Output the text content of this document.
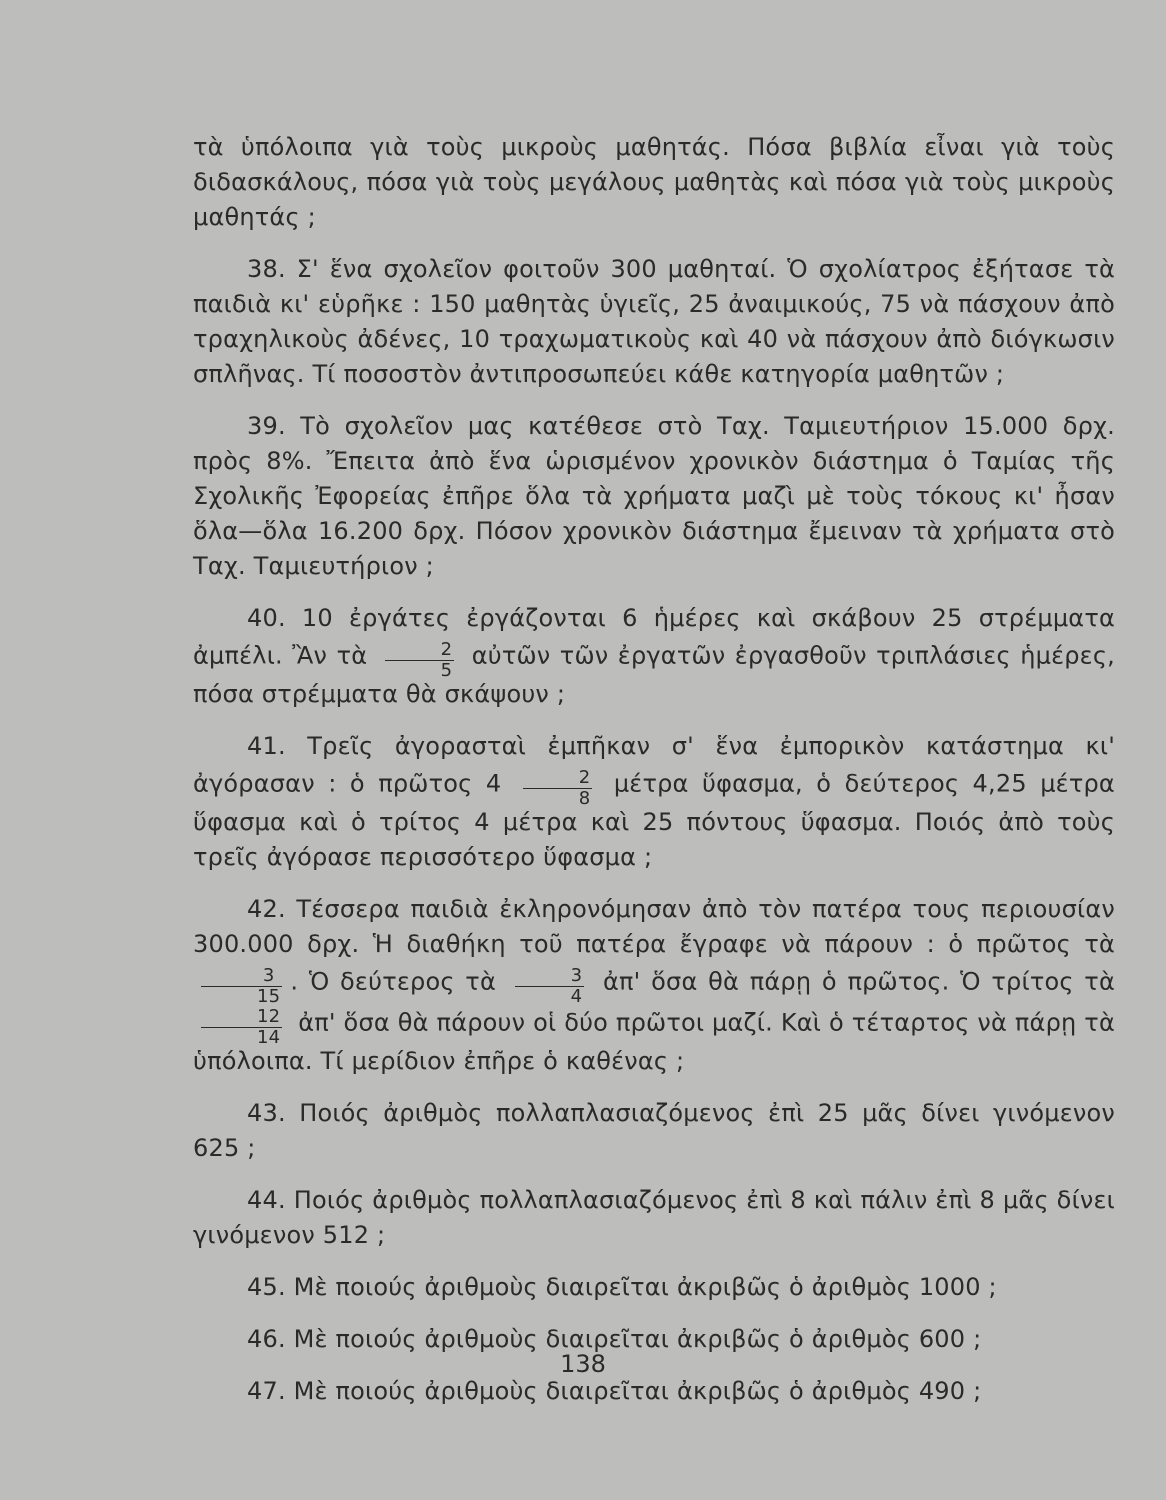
τὰ ὑπόλοιπα γιὰ τοὺς μικροὺς μαθητάς. Πόσα βιβλία εἶναι γιὰ τοὺς διδασκάλους, πόσα γιὰ τοὺς μεγάλους μαθητὰς καὶ πόσα γιὰ τοὺς μικροὺς μαθητάς ;

38. Σ' ἕνα σχολεῖον φοιτοῦν 300 μαθηταί. Ὁ σχολίατρος ἐξήτασε τὰ παιδιὰ κι' εὑρῆκε : 150 μαθητὰς ὑγιεῖς, 25 ἀναιμικούς, 75 νὰ πάσχουν ἀπὸ τραχηλικοὺς ἀδένες, 10 τραχωματικοὺς καὶ 40 νὰ πάσχουν ἀπὸ διόγκωσιν σπλῆνας. Τί ποσοστὸν ἀντιπροσωπεύει κάθε κατηγορία μαθητῶν ;

39. Τὸ σχολεῖον μας κατέθεσε στὸ Ταχ. Ταμιευτήριον 15.000 δρχ. πρὸς 8%. Ἔπειτα ἀπὸ ἕνα ὡρισμένον χρονικὸν διάστημα ὁ Ταμίας τῆς Σχολικῆς Ἐφορείας ἐπῆρε ὅλα τὰ χρήματα μαζὶ μὲ τοὺς τόκους κι' ἦσαν ὅλα—ὅλα 16.200 δρχ. Πόσον χρονικὸν διάστημα ἔμειναν τὰ χρήματα στὸ Ταχ. Ταμιευτήριον ;

40. 10 ἐργάτες ἐργάζονται 6 ἡμέρες καὶ σκάβουν 25 στρέμματα ἀμπέλι. Ἂν τὰ $\frac{2}{5}$ αὐτῶν τῶν ἐργατῶν ἐργασθοῦν τριπλάσιες ἡμέρες, πόσα στρέμματα θὰ σκάψουν ;

41. Τρεῖς ἀγορασταὶ ἐμπῆκαν σ' ἕνα ἐμπορικὸν κατάστημα κι' ἀγόρασαν : ὁ πρῶτος $4 \frac{2}{8}$ μέτρα ὕφασμα, ὁ δεύτερος 4,25 μέτρα ὕφασμα καὶ ὁ τρίτος 4 μέτρα καὶ 25 πόντους ὕφασμα. Ποιός ἀπὸ τοὺς τρεῖς ἀγόρασε περισσότερο ὕφασμα ;

42. Τέσσερα παιδιὰ ἐκληρονόμησαν ἀπὸ τὸν πατέρα τους περιουσίαν 300.000 δρχ. Ἡ διαθήκη τοῦ πατέρα ἔγραφε νὰ πάρουν : ὁ πρῶτος τὰ
$\frac{3}{15}$ . Ὁ δεύτερος τὰ $\frac{3}{4}$ ἀπ' ὅσα θὰ πάρῃ ὁ πρῶτος. Ὁ τρίτος τὰ
$\frac{12}{14}$ ἀπ' ὅσα θὰ πάρουν οἱ δύο πρῶτοι μαζί. Καὶ ὁ τέταρτος νὰ πάρῃ τὰ ὑπόλοιπα. Τί μερίδιον ἐπῆρε ὁ καθένας ;

43. Ποιός ἀριθμὸς πολλαπλασιαζόμενος ἐπὶ 25 μᾶς δίνει γινόμενον 625 ;

44. Ποιός ἀριθμὸς πολλαπλασιαζόμενος ἐπὶ 8 καὶ πάλιν ἐπὶ 8 μᾶς δίνει γινόμενον 512 ;

45. Μὲ ποιούς ἀριθμοὺς διαιρεῖται ἀκριβῶς ὁ ἀριθμὸς 1000 ;

46. Μὲ ποιούς ἀριθμοὺς διαιρεῖται ἀκριβῶς ὁ ἀριθμὸς 600 ;

47. Μὲ ποιούς ἀριθμοὺς διαιρεῖται ἀκριβῶς ὁ ἀριθμὸς 490 ;

138
